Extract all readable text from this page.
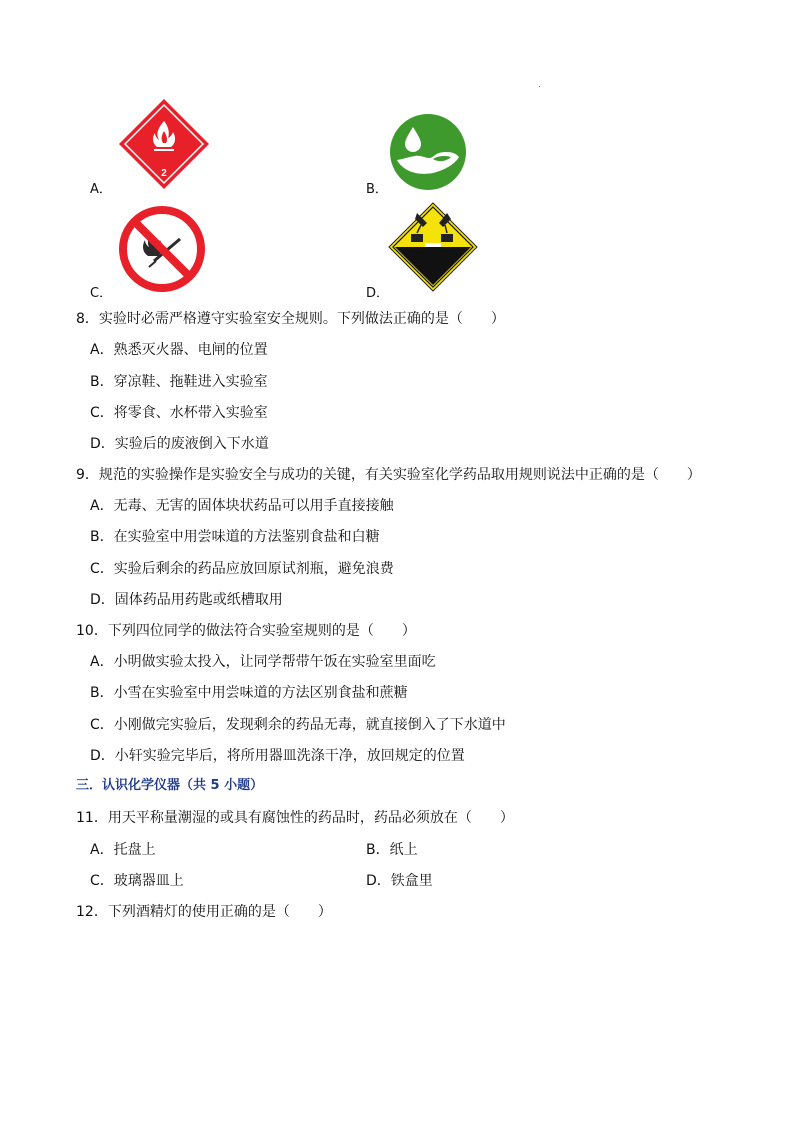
A．
2
B．
C．	D．
8．实验时必需严格遵守实验室安全规则。下列做法正确的是（　　）
A．熟悉灭火器、电闸的位置
B．穿凉鞋、拖鞋进入实验室
C．将零食、水杯带入实验室
D．实验后的废液倒入下水道
9．规范的实验操作是实验安全与成功的关键，有关实验室化学药品取用规则说法中正确的是（　　）
A．无毒、无害的固体块状药品可以用手直接接触
B．在实验室中用尝味道的方法鉴别食盐和白糖
C．实验后剩余的药品应放回原试剂瓶，避免浪费
D．固体药品用药匙或纸槽取用
10．下列四位同学的做法符合实验室规则的是（　　）
A．小明做实验太投入，让同学帮带午饭在实验室里面吃
B．小雪在实验室中用尝味道的方法区别食盐和蔗糖
C．小刚做完实验后，发现剩余的药品无毒，就直接倒入了下水道中
D．小轩实验完毕后，将所用器皿洗涤干净，放回规定的位置
三．认识化学仪器（共 5 小题）
11．用天平称量潮湿的或具有腐蚀性的药品时，药品必须放在（　　）
A．托盘上	B．纸上
C．玻璃器皿上	D．铁盒里
12．下列酒精灯的使用正确的是（　　）
